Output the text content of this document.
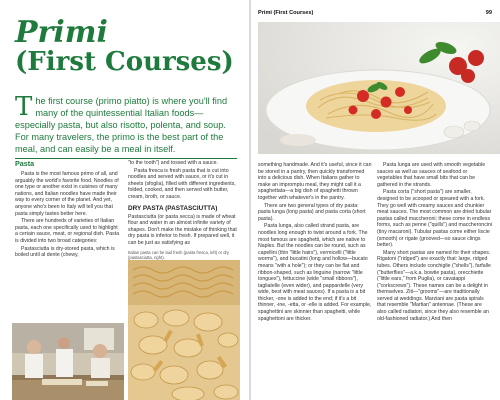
Primi
(First Courses)
The first course (primo piatto) is where you'll find many of the quintessential Italian foods—especially pasta, but also risotto, polenta, and soup. For many travelers, the primo is the best part of the meal, and can easily be a meal in itself.
Pasta

Pasta is the most famous primo of all, and arguably the world's favorite food. Noodles of one type or another exist in cuisines of many nations, and Italian noodles have made their way to every corner of the planet. And yet, anyone who's been to Italy will tell you that pasta simply tastes better here.

There are hundreds of varieties of Italian pasta, each one specifically used to highlight a certain sauce, meat, or regional dish. Pasta is divided into two broad categories:

Pastasciutta is dry-stored pasta, which is boiled until al dente (chewy,

"to the tooth") and tossed with a sauce.

Pasta fresca is fresh pasta that is cut into noodles and served with sauce, or it's cut in sheets (sfoglia), filled with different ingredients, folded, cooked, and then served with butter, cream, broth, or sauce.

DRY PASTA (PASTASCIUTTA)

Pastasciutta (or pasta secca) is made of wheat flour and water in an almost infinite variety of shapes. Don't make the mistake of thinking that dry pasta is inferior to fresh. If prepared well, it can be just as satisfying as

Italian pasta can be laid fresh (pasta fresca, left) or dry (pastasciutta, right).
Primi (First Courses)	99

something handmade. And it's useful, since it can be stored in a pantry, then quickly transformed into a delicious dish. When Italians gather to make an impromptu meal, they might call it a spaghettata—a big dish of spaghetti thrown together with whatever's in the pantry.

There are two general types of dry pasta: pasta lunga (long pasta) and pasta corta (short pasta).

Pasta lunga, also called strand pasta, are noodles long enough to twist around a fork. The most famous are spaghetti, which are native to Naples. But the noodles can be round, such as capellini (thin "little hairs"), vermicelli ("little worms"), and bucatini (long and hollow—bucato means "with a hole"); or they can be flat and ribbon-shaped, such as linguine (narrow "little tongues"), fettuccine (wide "small ribbons"), tagliatelle (even wider), and pappardelle (very wide, best with meat sauces). If a pasta is a bit thicker, -one is added to the end; if it's a bit thinner, -ine, -etta, or -elle is added. For example, spaghettini are skinnier than spaghetti, while spaghettoni are thicker.

Pasta lunga are used with smooth vegetable sauces as well as sauces of seafood or vegetables that have small bits that can be gathered in the strands.

Pasta corta ("short pasta") are smaller, designed to be scooped or speared with a fork. They go well with creamy sauces and chunkier meat sauces. The most common are dried tubular pastas called maccheroni; these come in endless forms, such as penne ("quills") and maccheroncini (tiny macaroni). Tubular pastas come either liscie (smooth) or rigate (grooved—so sauce clings better).

Many short pastas are named for their shapes. Rigatoni ("ridged") are exactly that: large, ridged tubes. Others include conchiglie ("shells"), farfalle ("butterflies"—a.k.a. bowtie pasta), orecchiette ("little ears," from Puglia), or cavatappi ("corkscrews"). These names can be a delight in themselves. Ziti—"grooms"—are traditionally served at weddings. Marziani are pasta spirals that resemble "Martian" antennae. (These are also called radiatori, since they also resemble an old-fashioned radiator.) And then
